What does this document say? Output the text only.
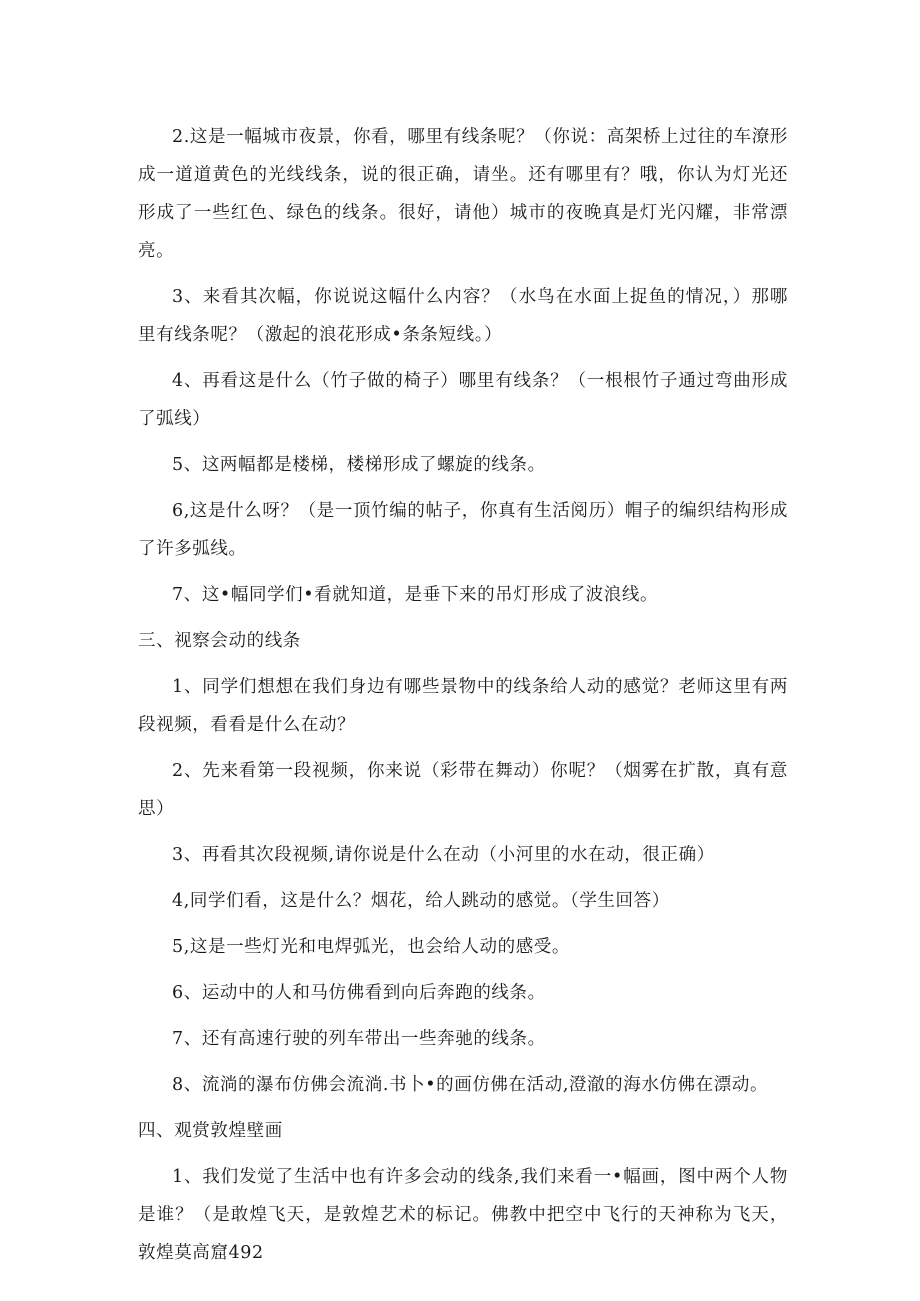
2.这是一幅城市夜景，你看，哪里有线条呢？（你说：高架桥上过往的车潦形成一道道黄色的光线线条，说的很正确，请坐。还有哪里有？哦，你认为灯光还形成了一些红色、绿色的线条。很好，请他）城市的夜晚真是灯光闪耀，非常漂亮。

3、来看其次幅，你说说这幅什么内容？（水鸟在水面上捉鱼的情况，）那哪里有线条呢？（激起的浪花形成•条条短线。）

4、再看这是什么（竹子做的椅子）哪里有线条？（一根根竹子通过弯曲形成了弧线）

5、这两幅都是楼梯，楼梯形成了螺旋的线条。

6,这是什么呀？（是一顶竹编的帖子，你真有生活阅历）帽子的编织结构形成了许多弧线。

7、这•幅同学们•看就知道，是垂下来的吊灯形成了波浪线。

三、视察会动的线条

1、同学们想想在我们身边有哪些景物中的线条给人动的感觉？老师这里有两段视频，看看是什么在动？

2、先来看第一段视频，你来说（彩带在舞动）你呢？（烟雾在扩散，真有意思）

3、再看其次段视频,请你说是什么在动（小河里的水在动，很正确）

4,同学们看，这是什么？烟花，给人跳动的感觉。（学生回答）

5,这是一些灯光和电焊弧光，也会给人动的感受。

6、运动中的人和马仿佛看到向后奔跑的线条。

7、还有高速行驶的列车带出一些奔驰的线条。

8、流淌的瀑布仿佛会流淌.书卜•的画仿佛在活动,澄澈的海水仿佛在漂动。

四、观赏敦煌壁画

1、我们发觉了生活中也有许多会动的线条,我们来看一•幅画，图中两个人物是谁？（是敢煌飞天，是敦煌艺术的标记。佛教中把空中飞行的天神称为飞天，敦煌莫高窟492
